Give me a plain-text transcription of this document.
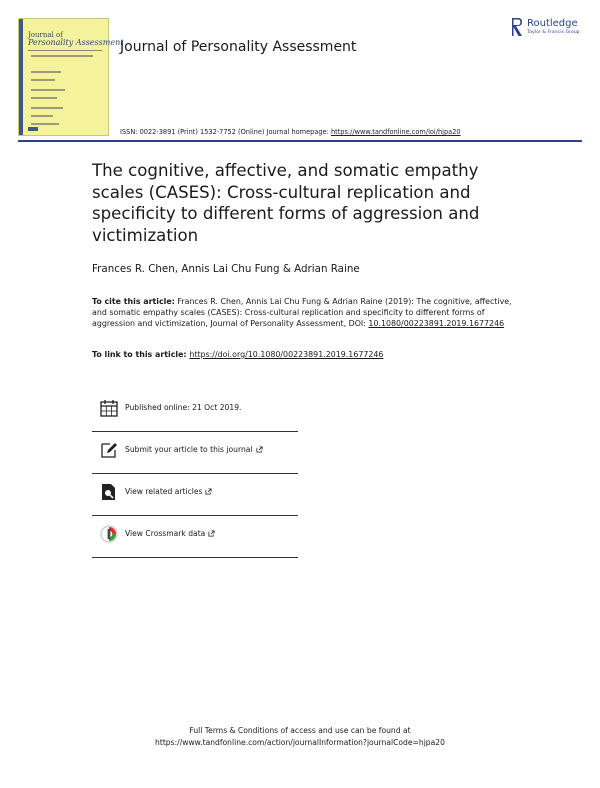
Journal of
Personality Assessment
Journal of Personality Assessment
Routledge
Taylor & Francis Group
ISSN: 0022-3891 (Print) 1532-7752 (Online) Journal homepage: https://www.tandfonline.com/loi/hjpa20
The cognitive, affective, and somatic empathy scales (CASES): Cross-cultural replication and specificity to different forms of aggression and victimization
Frances R. Chen, Annis Lai Chu Fung & Adrian Raine
To cite this article: Frances R. Chen, Annis Lai Chu Fung & Adrian Raine (2019): The cognitive, affective, and somatic empathy scales (CASES): Cross-cultural replication and specificity to different forms of aggression and victimization, Journal of Personality Assessment, DOI: 10.1080/00223891.2019.1677246
To link to this article: https://doi.org/10.1080/00223891.2019.1677246
Published online: 21 Oct 2019.
Submit your article to this journal
View related articles
View Crossmark data
Full Terms & Conditions of access and use can be found at
https://www.tandfonline.com/action/journalInformation?journalCode=hjpa20
